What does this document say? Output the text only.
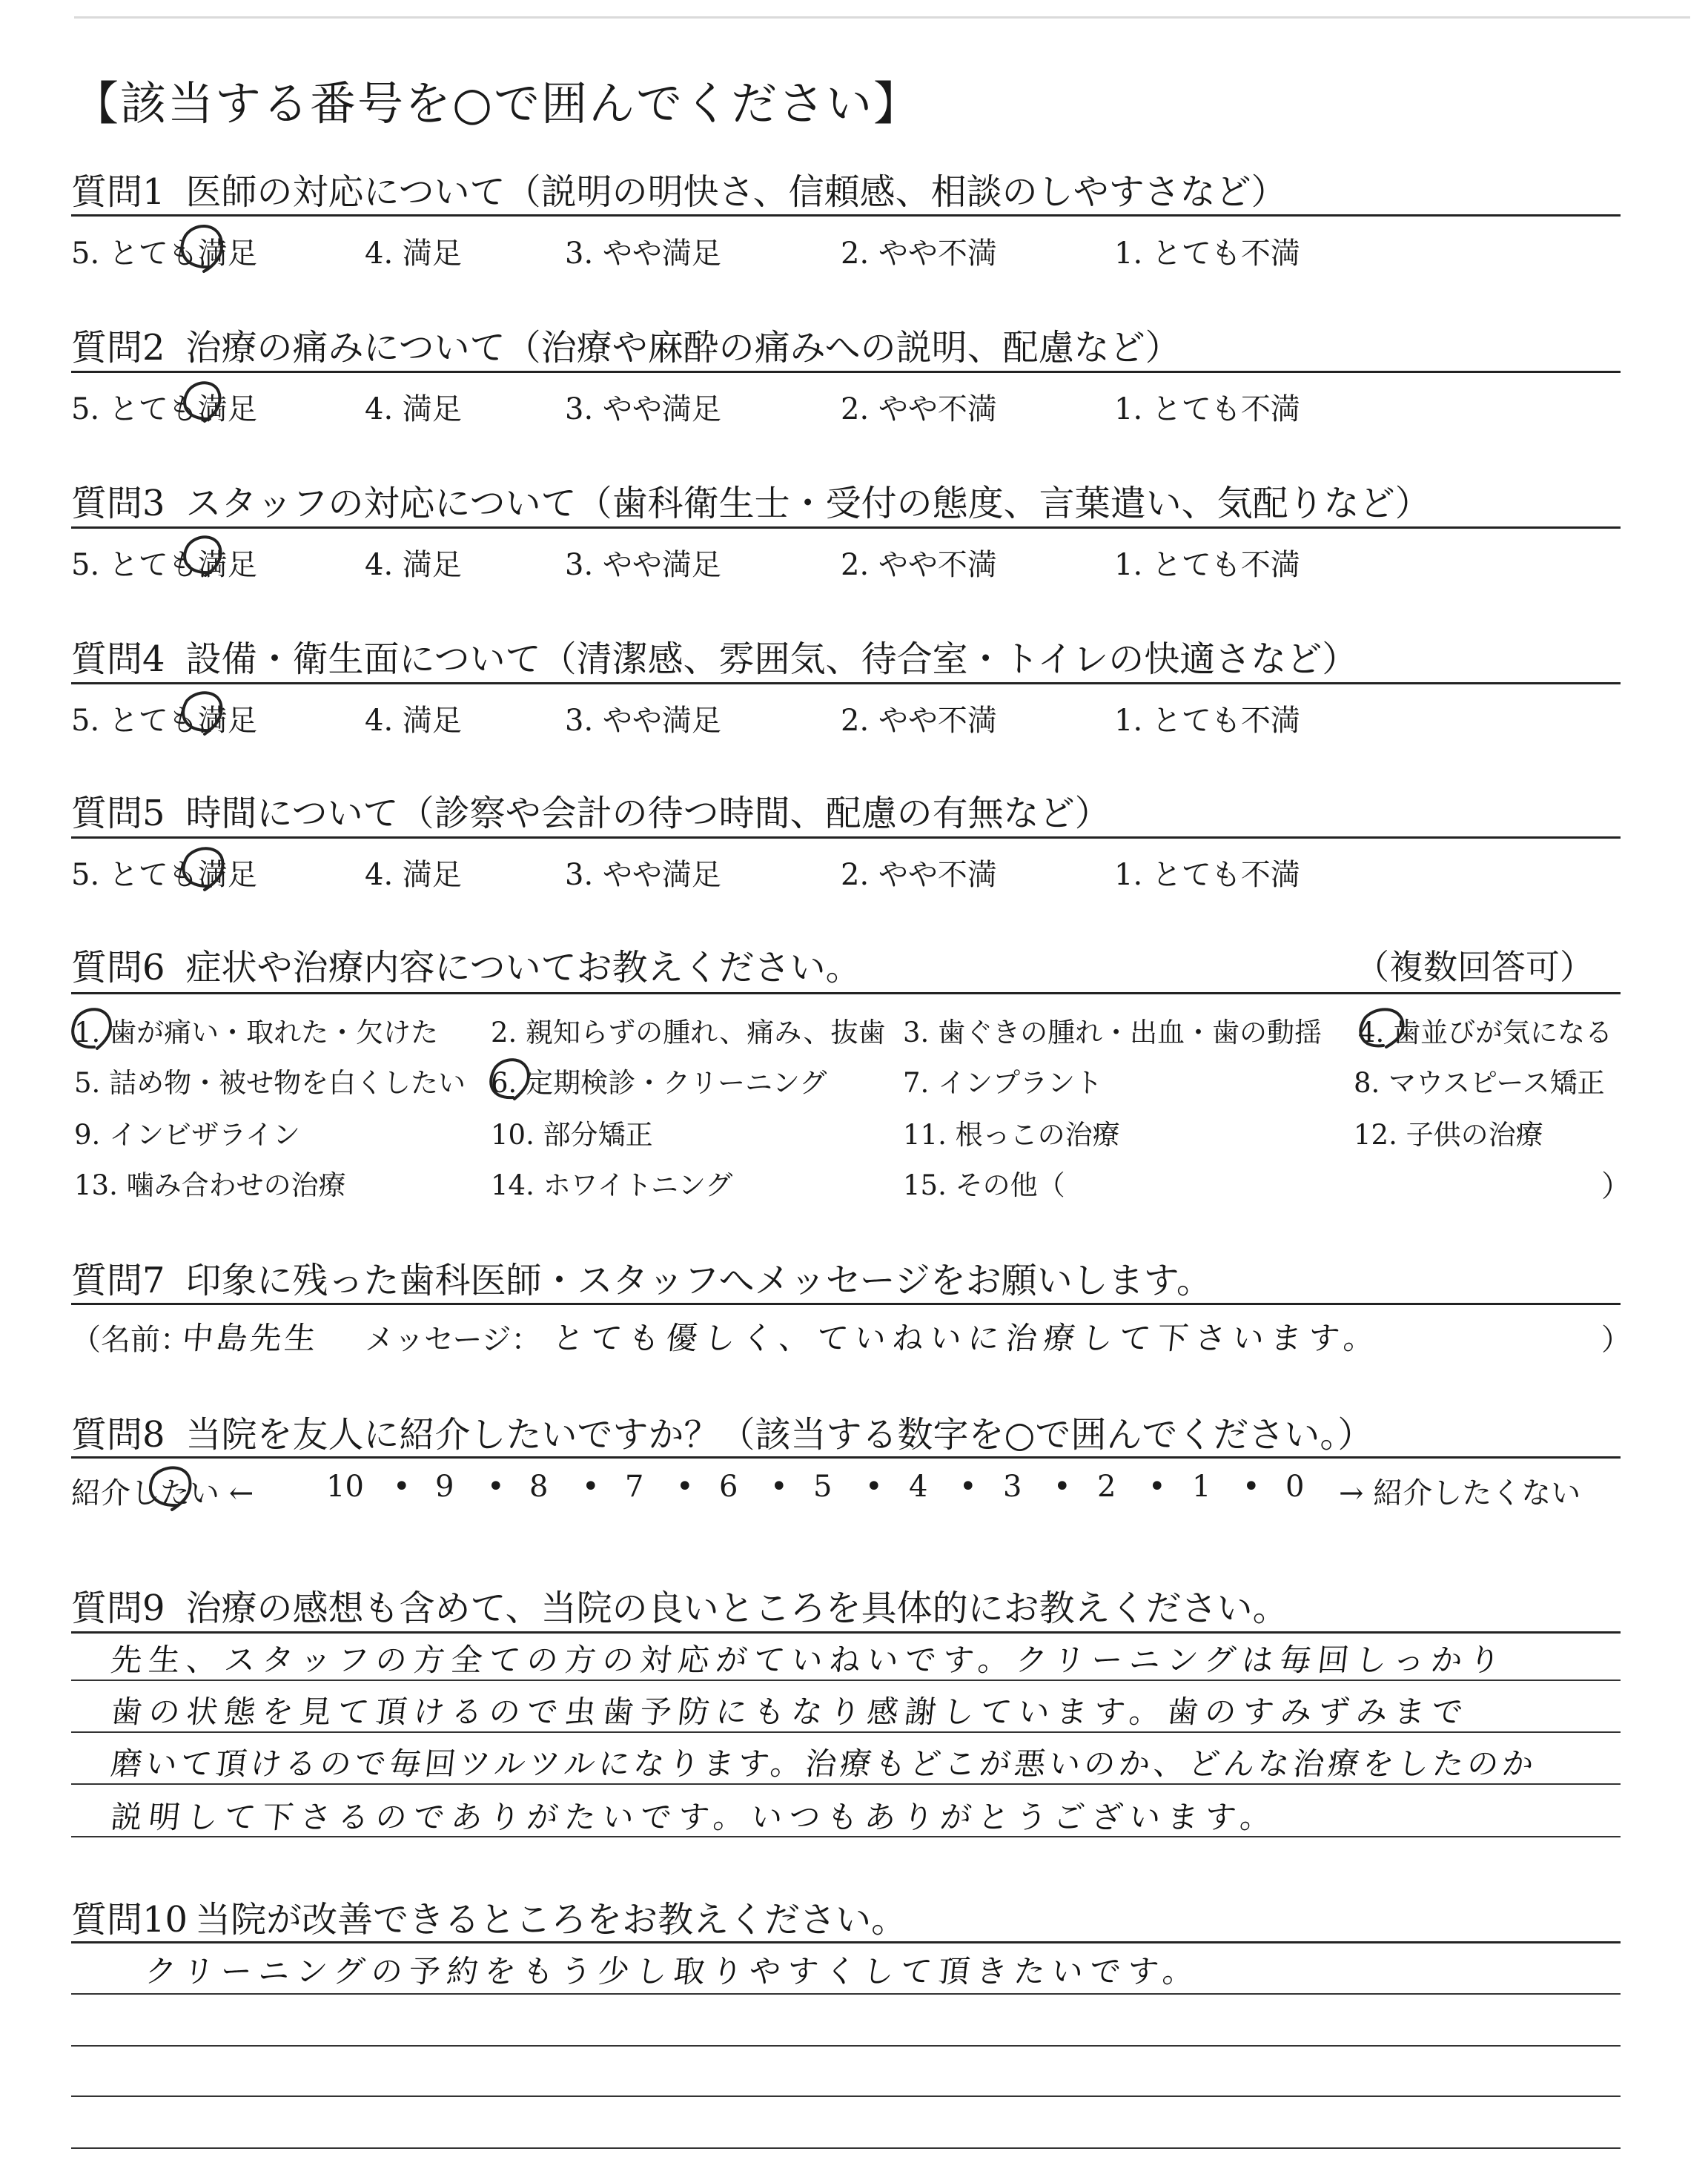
【該当する番号を○で囲んでください】
質問1 医師の対応について（説明の明快さ、信頼感、相談のしやすさなど）
5. とても満足	4. 満足	3. やや満足	2. やや不満	1. とても不満
質問2 治療の痛みについて（治療や麻酔の痛みへの説明、配慮など）
5. とても満足	4. 満足	3. やや満足	2. やや不満	1. とても不満
質問3 スタッフの対応について（歯科衛生士・受付の態度、言葉遣い、気配りなど）
5. とても満足	4. 満足	3. やや満足	2. やや不満	1. とても不満
質問4 設備・衛生面について（清潔感、雰囲気、待合室・トイレの快適さなど）
5. とても満足	4. 満足	3. やや満足	2. やや不満	1. とても不満
質問5 時間について（診察や会計の待つ時間、配慮の有無など）
5. とても満足	4. 満足	3. やや満足	2. やや不満	1. とても不満
質問6 症状や治療内容についてお教えください。	（複数回答可）
1. 歯が痛い・取れた・欠けた 2. 親知らずの腫れ、痛み、抜歯 3. 歯ぐきの腫れ・出血・歯の動揺 4. 歯並びが気になる
5. 詰め物・被せ物を白くしたい 6. 定期検診・クリーニング	7. インプラント	8. マウスピース矯正
9. インビザライン	10. 部分矯正	11. 根っこの治療	12. 子供の治療
13. 噛み合わせの治療	14. ホワイトニング	15. その他（	）
質問7 印象に残った歯科医師・スタッフへメッセージをお願いします。
（名前：
中島先生 メッセージ： とても優しく、ていねいに治療して下さいます。	）
質問8 当院を友人に紹介したいですか？（該当する数字を○で囲んでください。）
紹介したい ← 10 9	8	7	6	5	4	3	2	1	0 → 紹介したくない
•	•	•	•	•	•	•	•	•	•
質問9 治療の感想も含めて、当院の良いところを具体的にお教えください。
先生、スタッフの方全ての方の対応がていねいです。クリーニングは毎回しっかり
歯の状態を見て頂けるので虫歯予防にもなり感謝しています。歯のすみずみまで
磨いて頂けるので毎回ツルツルになります。治療もどこが悪いのか、どんな治療をしたのか
説明して下さるのでありがたいです。いつもありがとうございます。
質問10 当院が改善できるところをお教えください。
クリーニングの予約をもう少し取りやすくして頂きたいです。
